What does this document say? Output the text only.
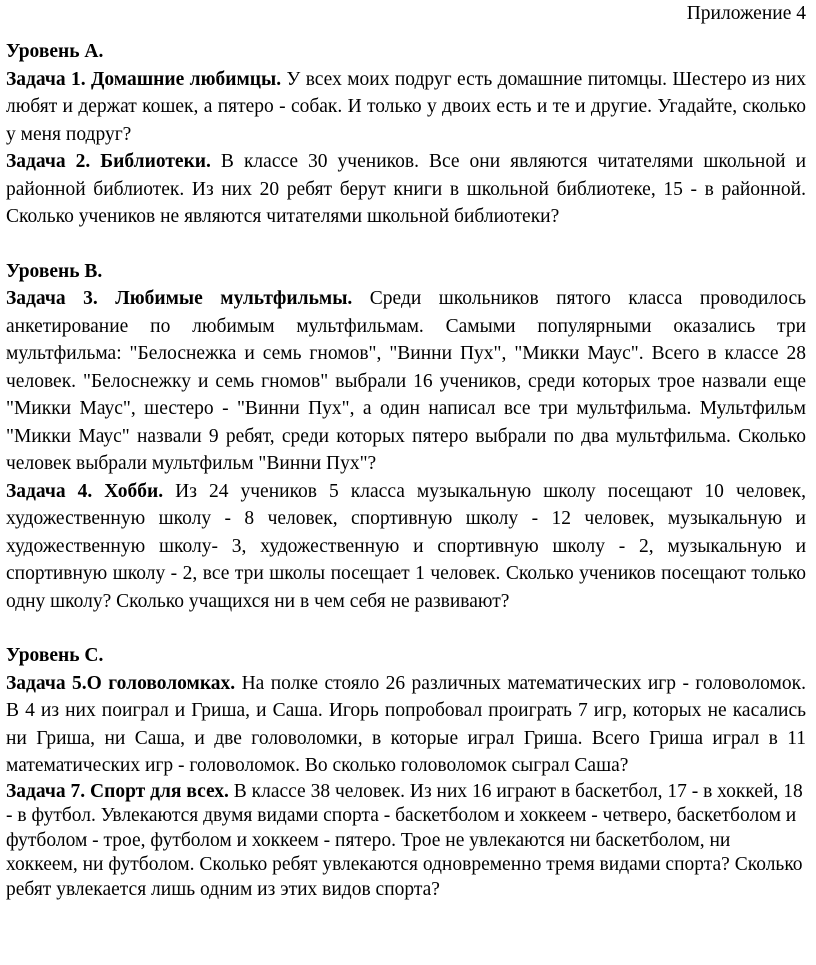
Приложение 4

Уровень А.

Задача 1. Домашние любимцы. У всех моих подруг есть домашние питомцы. Шестеро из них любят и держат кошек, а пятеро - собак. И только у двоих есть и те и другие. Угадайте, сколько у меня подруг?

Задача 2. Библиотеки. В классе 30 учеников. Все они являются читателями школьной и районной библиотек. Из них 20 ребят берут книги в школьной библиотеке, 15 - в районной. Сколько учеников не являются читателями школьной библиотеки?

Уровень В.

Задача 3. Любимые мультфильмы. Среди школьников пятого класса проводилось анкетирование по любимым мультфильмам. Самыми популярными оказались три мультфильма: "Белоснежка и семь гномов", "Винни Пух", "Микки Маус". Всего в классе 28 человек. "Белоснежку и семь гномов" выбрали 16 учеников, среди которых трое назвали еще "Микки Маус", шестеро - "Винни Пух", а один написал все три мультфильма. Мультфильм "Микки Маус" назвали 9 ребят, среди которых пятеро выбрали по два мультфильма. Сколько человек выбрали мультфильм "Винни Пух"?

Задача 4. Хобби. Из 24 учеников 5 класса музыкальную школу посещают 10 человек, художественную школу - 8 человек, спортивную школу - 12 человек, музыкальную и художественную школу- 3, художественную и спортивную школу - 2, музыкальную и спортивную школу - 2, все три школы посещает 1 человек. Сколько учеников посещают только одну школу? Сколько учащихся ни в чем себя не развивают?

Уровень С.

Задача 5.О головоломках. На полке стояло 26 различных математических игр - головоломок. В 4 из них поиграл и Гриша, и Саша. Игорь попробовал проиграть 7 игр, которых не касались ни Гриша, ни Саша, и две головоломки, в которые играл Гриша. Всего Гриша играл в 11 математических игр - головоломок. Во сколько головоломок сыграл Саша?

Задача 7. Спорт для всех. В классе 38 человек. Из них 16 играют в баскетбол, 17 - в хоккей, 18 - в футбол. Увлекаются двумя видами спорта - баскетболом и хоккеем - четверо, баскетболом и футболом - трое, футболом и хоккеем - пятеро. Трое не увлекаются ни баскетболом, ни хоккеем, ни футболом. Сколько ребят увлекаются одновременно тремя видами спорта? Сколько ребят увлекается лишь одним из этих видов спорта?
